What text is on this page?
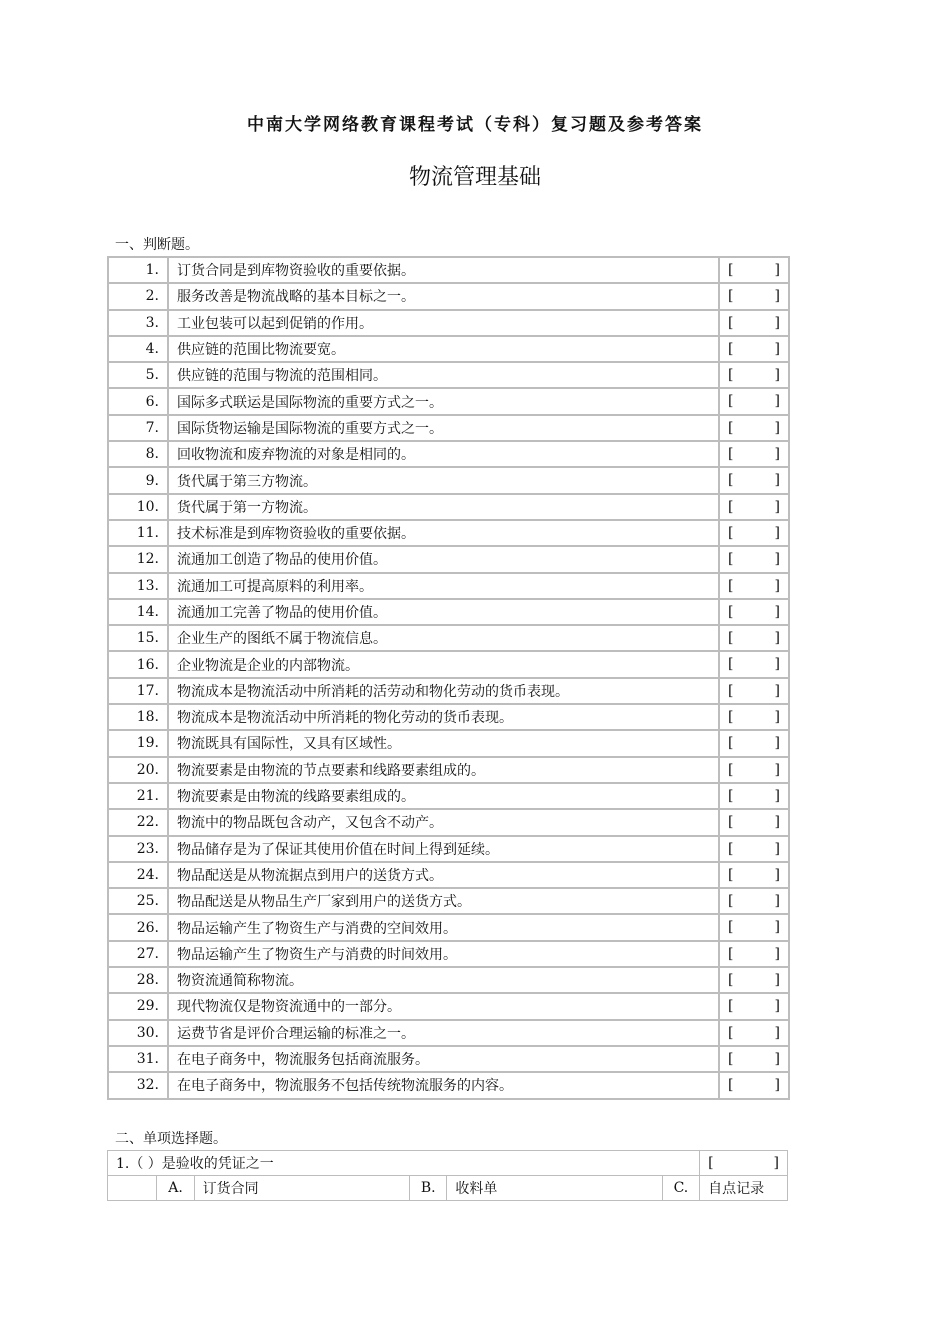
中南大学网络教育课程考试（专科）复习题及参考答案
物流管理基础
一、判断题。
1.	订货合同是到库物资验收的重要依据。	[ ]

2.	服务改善是物流战略的基本目标之一。	[ ]

3.	工业包装可以起到促销的作用。	[ ]

4.	供应链的范围比物流要宽。	[ ]

5.	供应链的范围与物流的范围相同。	[ ]

6.	国际多式联运是国际物流的重要方式之一。	[ ]

7.	国际货物运输是国际物流的重要方式之一。	[ ]

8.	回收物流和废弃物流的对象是相同的。	[ ]

9.	货代属于第三方物流。	[ ]

10.	货代属于第一方物流。	[ ]

11.	技术标准是到库物资验收的重要依据。	[ ]

12.	流通加工创造了物品的使用价值。	[ ]

13.	流通加工可提高原料的利用率。	[ ]

14.	流通加工完善了物品的使用价值。	[ ]

15.	企业生产的图纸不属于物流信息。	[ ]

16.	企业物流是企业的内部物流。	[ ]

17.	物流成本是物流活动中所消耗的活劳动和物化劳动的货币表现。	[ ]

18.	物流成本是物流活动中所消耗的物化劳动的货币表现。	[ ]

19.	物流既具有国际性，又具有区域性。	[ ]

20.	物流要素是由物流的节点要素和线路要素组成的。	[ ]

21.	物流要素是由物流的线路要素组成的。	[ ]

22.	物流中的物品既包含动产，又包含不动产。	[ ]

23.	物品储存是为了保证其使用价值在时间上得到延续。	[ ]

24.	物品配送是从物流据点到用户的送货方式。	[ ]

25.	物品配送是从物品生产厂家到用户的送货方式。	[ ]

26.	物品运输产生了物资生产与消费的空间效用。	[ ]

27.	物品运输产生了物资生产与消费的时间效用。	[ ]

28.	物资流通简称物流。	[ ]

29.	现代物流仅是物资流通中的一部分。	[ ]

30.	运费节省是评价合理运输的标准之一。	[ ]

31.	在电子商务中，物流服务包括商流服务。	[ ]

32.	在电子商务中，物流服务不包括传统物流服务的内容。	[ ]
二、单项选择题。
1.（ ）是验收的凭证之一						[ ]

	A.	订货合同	B.	收料单	C.	自点记录
